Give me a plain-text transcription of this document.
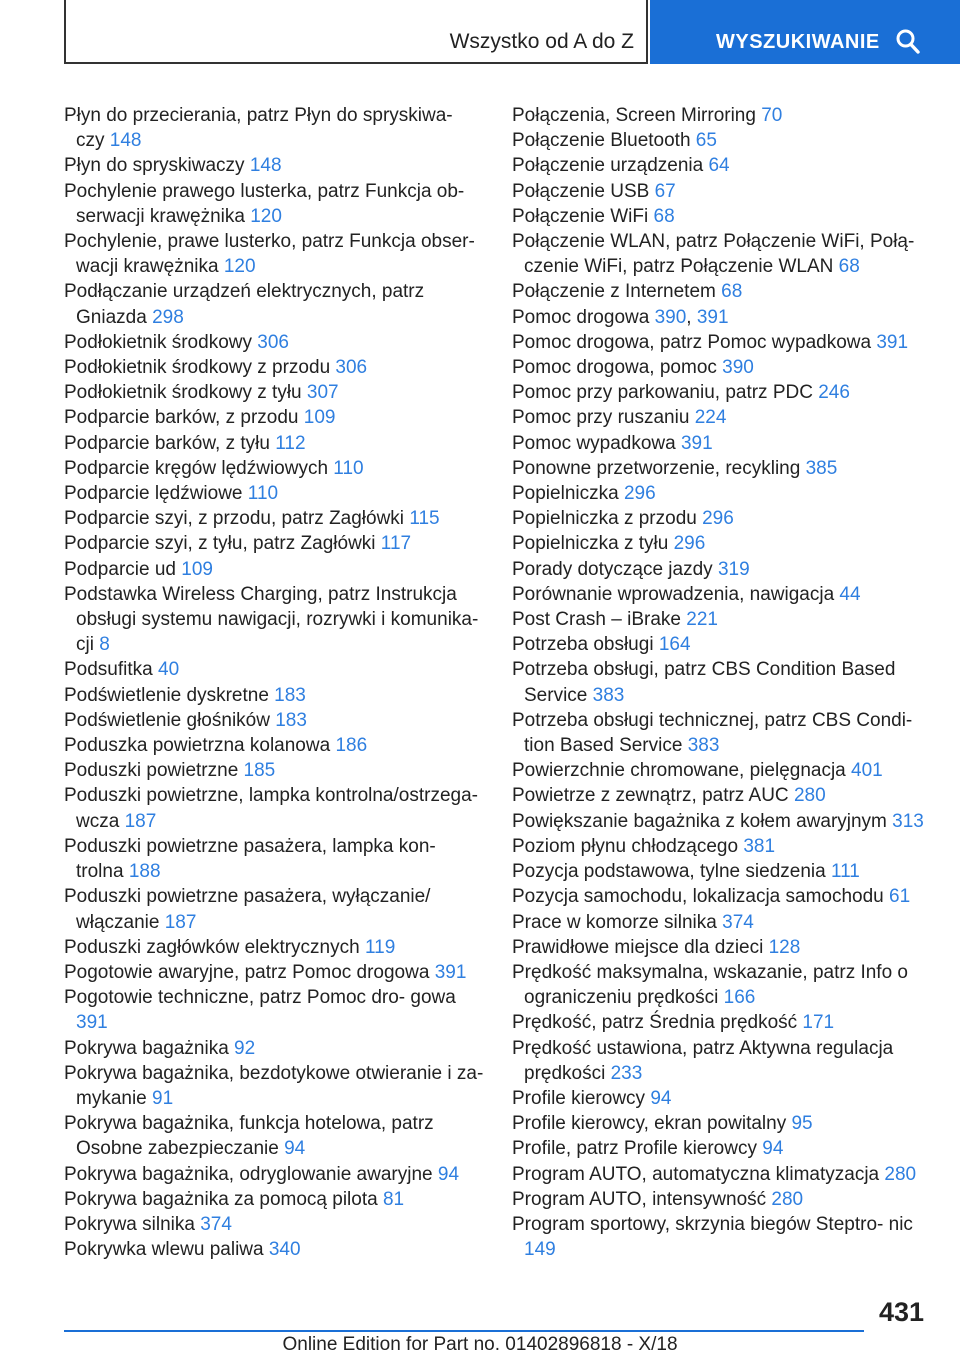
Wszystko od A do Z	WYSZUKIWANIE

Płyn do przecierania, patrz Płyn do spryskiwa‐ czy 148

Płyn do spryskiwaczy 148

Pochylenie prawego lusterka, patrz Funkcja ob‐ serwacji krawężnika 120

Pochylenie, prawe lusterko, patrz Funkcja obser‐ wacji krawężnika 120

Podłączanie urządzeń elektrycznych, patrz Gniazda 298

Podłokietnik środkowy 306

Podłokietnik środkowy z przodu 306

Podłokietnik środkowy z tyłu 307

Podparcie barków, z przodu 109

Podparcie barków, z tyłu 112

Podparcie kręgów lędźwiowych 110

Podparcie lędźwiowe 110

Podparcie szyi, z przodu, patrz Zagłówki 115

Podparcie szyi, z tyłu, patrz Zagłówki 117

Podparcie ud 109

Podstawka Wireless Charging, patrz Instrukcja obsługi systemu nawigacji, rozrywki i komunika‐ cji 8

Podsufitka 40

Podświetlenie dyskretne 183

Podświetlenie głośników 183

Poduszka powietrzna kolanowa 186

Poduszki powietrzne 185

Poduszki powietrzne, lampka kontrolna/ostrzega‐ wcza 187

Poduszki powietrzne pasażera, lampka kon‐ trolna 188

Poduszki powietrzne pasażera, wyłączanie/ włączanie 187

Poduszki zagłówków elektrycznych 119

Pogotowie awaryjne, patrz Pomoc drogowa 391

Pogotowie techniczne, patrz Pomoc dro‐ gowa 391

Pokrywa bagażnika 92

Pokrywa bagażnika, bezdotykowe otwieranie i za‐ mykanie 91

Pokrywa bagażnika, funkcja hotelowa, patrz Osobne zabezpieczanie 94

Pokrywa bagażnika, odryglowanie awaryjne 94

Pokrywa bagażnika za pomocą pilota 81

Pokrywa silnika 374

Pokrywka wlewu paliwa 340

Połączenia, Screen Mirroring 70

Połączenie Bluetooth 65

Połączenie urządzenia 64

Połączenie USB 67

Połączenie WiFi 68

Połączenie WLAN, patrz Połączenie WiFi, Połą‐ czenie WiFi, patrz Połączenie WLAN 68

Połączenie z Internetem 68

Pomoc drogowa 390, 391

Pomoc drogowa, patrz Pomoc wypadkowa 391

Pomoc drogowa, pomoc 390

Pomoc przy parkowaniu, patrz PDC 246

Pomoc przy ruszaniu 224

Pomoc wypadkowa 391

Ponowne przetworzenie, recykling 385

Popielniczka 296

Popielniczka z przodu 296

Popielniczka z tyłu 296

Porady dotyczące jazdy 319

Porównanie wprowadzenia, nawigacja 44

Post Crash – iBrake 221

Potrzeba obsługi 164

Potrzeba obsługi, patrz CBS Condition Based Service 383

Potrzeba obsługi technicznej, patrz CBS Condi‐ tion Based Service 383

Powierzchnie chromowane, pielęgnacja 401

Powietrze z zewnątrz, patrz AUC 280

Powiększanie bagażnika z kołem awaryjnym 313

Poziom płynu chłodzącego 381

Pozycja podstawowa, tylne siedzenia 111

Pozycja samochodu, lokalizacja samochodu 61

Prace w komorze silnika 374

Prawidłowe miejsce dla dzieci 128

Prędkość maksymalna, wskazanie, patrz Info o ograniczeniu prędkości 166

Prędkość, patrz Średnia prędkość 171

Prędkość ustawiona, patrz Aktywna regulacja prędkości 233

Profile kierowcy 94

Profile kierowcy, ekran powitalny 95

Profile, patrz Profile kierowcy 94

Program AUTO, automatyczna klimatyzacja 280

Program AUTO, intensywność 280

Program sportowy, skrzynia biegów Steptro‐ nic 149

431
Online Edition for Part no. 01402896818 - X/18
